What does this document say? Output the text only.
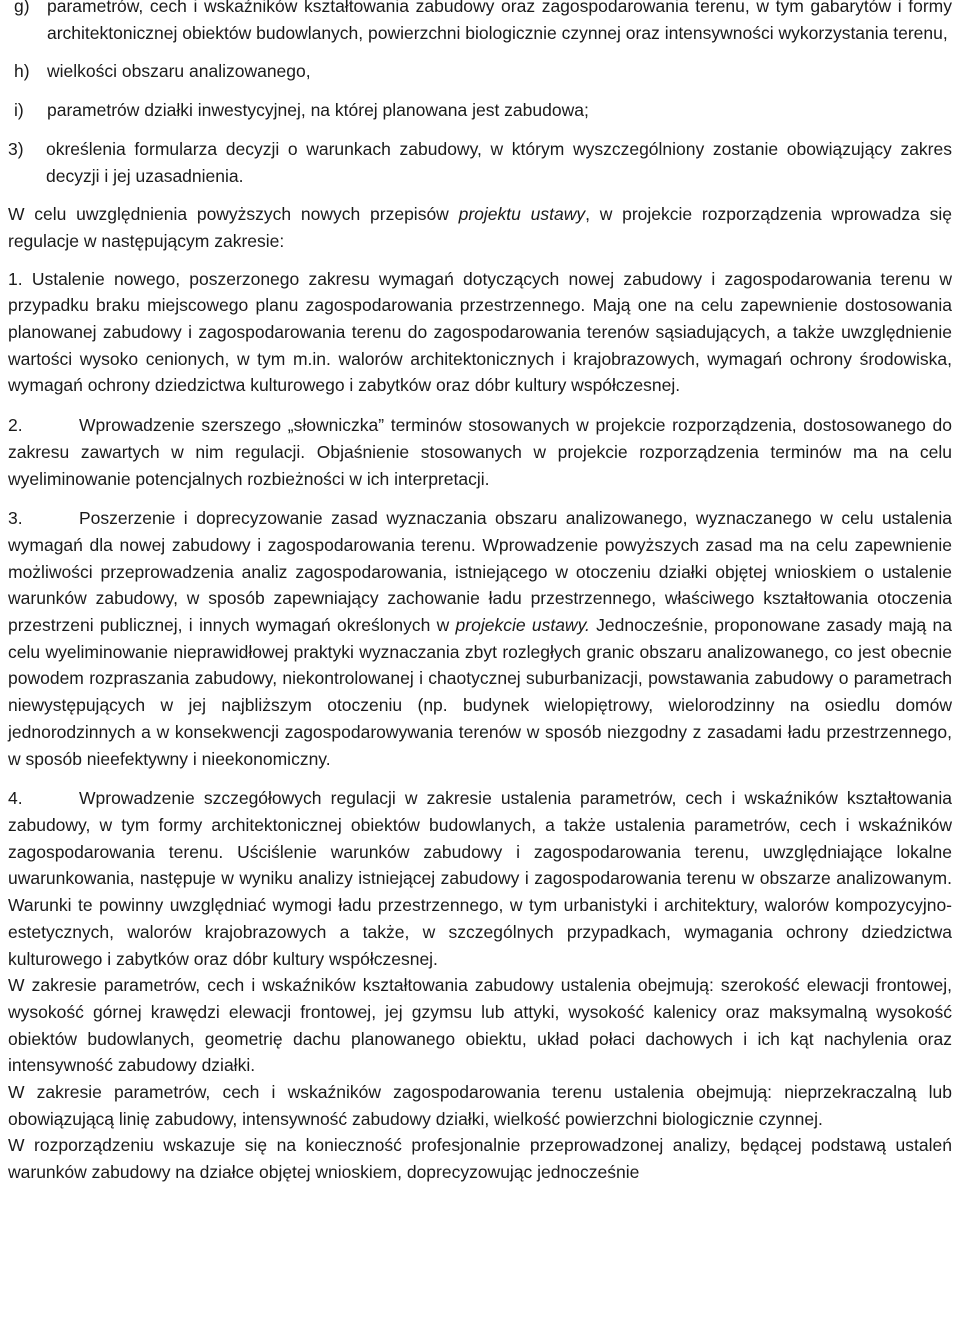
g) parametrów, cech i wskaźników kształtowania zabudowy oraz zagospodarowania terenu, w tym gabarytów i formy architektonicznej obiektów budowlanych, powierzchni biologicznie czynnej oraz intensywności wykorzystania terenu,
h) wielkości obszaru analizowanego,
i)	parametrów działki inwestycyjnej, na której planowana jest zabudowa;
3)	określenia formularza decyzji o warunkach zabudowy, w którym wyszczególniony zostanie obowiązujący zakres decyzji i jej uzasadnienia.

W celu uwzględnienia powyższych nowych przepisów projektu ustawy, w projekcie rozporządzenia wprowadza się regulacje w następującym zakresie:

1. Ustalenie nowego, poszerzonego zakresu wymagań dotyczących nowej zabudowy i zagospodarowania terenu w przypadku braku miejscowego planu zagospodarowania przestrzennego. Mają one na celu zapewnienie dostosowania planowanej zabudowy i zagospodarowania terenu do zagospodarowania terenów sąsiadujących, a także uwzględnienie wartości wysoko cenionych, w tym m.in. walorów architektonicznych i krajobrazowych, wymagań ochrony środowiska, wymagań ochrony dziedzictwa kulturowego i zabytków oraz dóbr kultury współczesnej.

2.	Wprowadzenie szerszego „słowniczka” terminów stosowanych w projekcie rozporządzenia, dostosowanego do zakresu zawartych w nim regulacji. Objaśnienie stosowanych w projekcie rozporządzenia terminów ma na celu wyeliminowanie potencjalnych rozbieżności w ich interpretacji.

3.	Poszerzenie i doprecyzowanie zasad wyznaczania obszaru analizowanego, wyznaczanego w celu ustalenia wymagań dla nowej zabudowy i zagospodarowania terenu. Wprowadzenie powyższych zasad ma na celu zapewnienie możliwości przeprowadzenia analiz zagospodarowania, istniejącego w otoczeniu działki objętej wnioskiem o ustalenie warunków zabudowy, w sposób zapewniający zachowanie ładu przestrzennego, właściwego kształtowania otoczenia przestrzeni publicznej, i innych wymagań określonych w projekcie ustawy. Jednocześnie, proponowane zasady mają na celu wyeliminowanie nieprawidłowej praktyki wyznaczania zbyt rozległych granic obszaru analizowanego, co jest obecnie powodem rozpraszania zabudowy, niekontrolowanej i chaotycznej suburbanizacji, powstawania zabudowy o parametrach niewystępujących w jej najbliższym otoczeniu (np. budynek wielopiętrowy, wielorodzinny na osiedlu domów jednorodzinnych a w konsekwencji zagospodarowywania terenów w sposób niezgodny z zasadami ładu przestrzennego, w sposób nieefektywny i nieekonomiczny.

4.	Wprowadzenie szczegółowych regulacji w zakresie ustalenia parametrów, cech i wskaźników kształtowania zabudowy, w tym formy architektonicznej obiektów budowlanych, a także ustalenia parametrów, cech i wskaźników zagospodarowania terenu. Uściślenie warunków zabudowy i zagospodarowania terenu, uwzględniające lokalne uwarunkowania, następuje w wyniku analizy istniejącej zabudowy i zagospodarowania terenu w obszarze analizowanym. Warunki te powinny uwzględniać wymogi ładu przestrzennego, w tym urbanistyki i architektury, walorów kompozycyjno-estetycznych, walorów krajobrazowych a także, w szczególnych przypadkach, wymagania ochrony dziedzictwa kulturowego i zabytków oraz dóbr kultury współczesnej.

W zakresie parametrów, cech i wskaźników kształtowania zabudowy ustalenia obejmują: szerokość elewacji frontowej, wysokość górnej krawędzi elewacji frontowej, jej gzymsu lub attyki, wysokość kalenicy oraz maksymalną wysokość obiektów budowlanych, geometrię dachu planowanego obiektu, układ połaci dachowych i ich kąt nachylenia oraz intensywność zabudowy działki.

W zakresie parametrów, cech i wskaźników zagospodarowania terenu ustalenia obejmują: nieprzekraczalną lub obowiązującą linię zabudowy, intensywność zabudowy działki, wielkość powierzchni biologicznie czynnej.

W rozporządzeniu wskazuje się na konieczność profesjonalnie przeprowadzonej analizy, będącej podstawą ustaleń warunków zabudowy na działce objętej wnioskiem, doprecyzowując jednocześnie
